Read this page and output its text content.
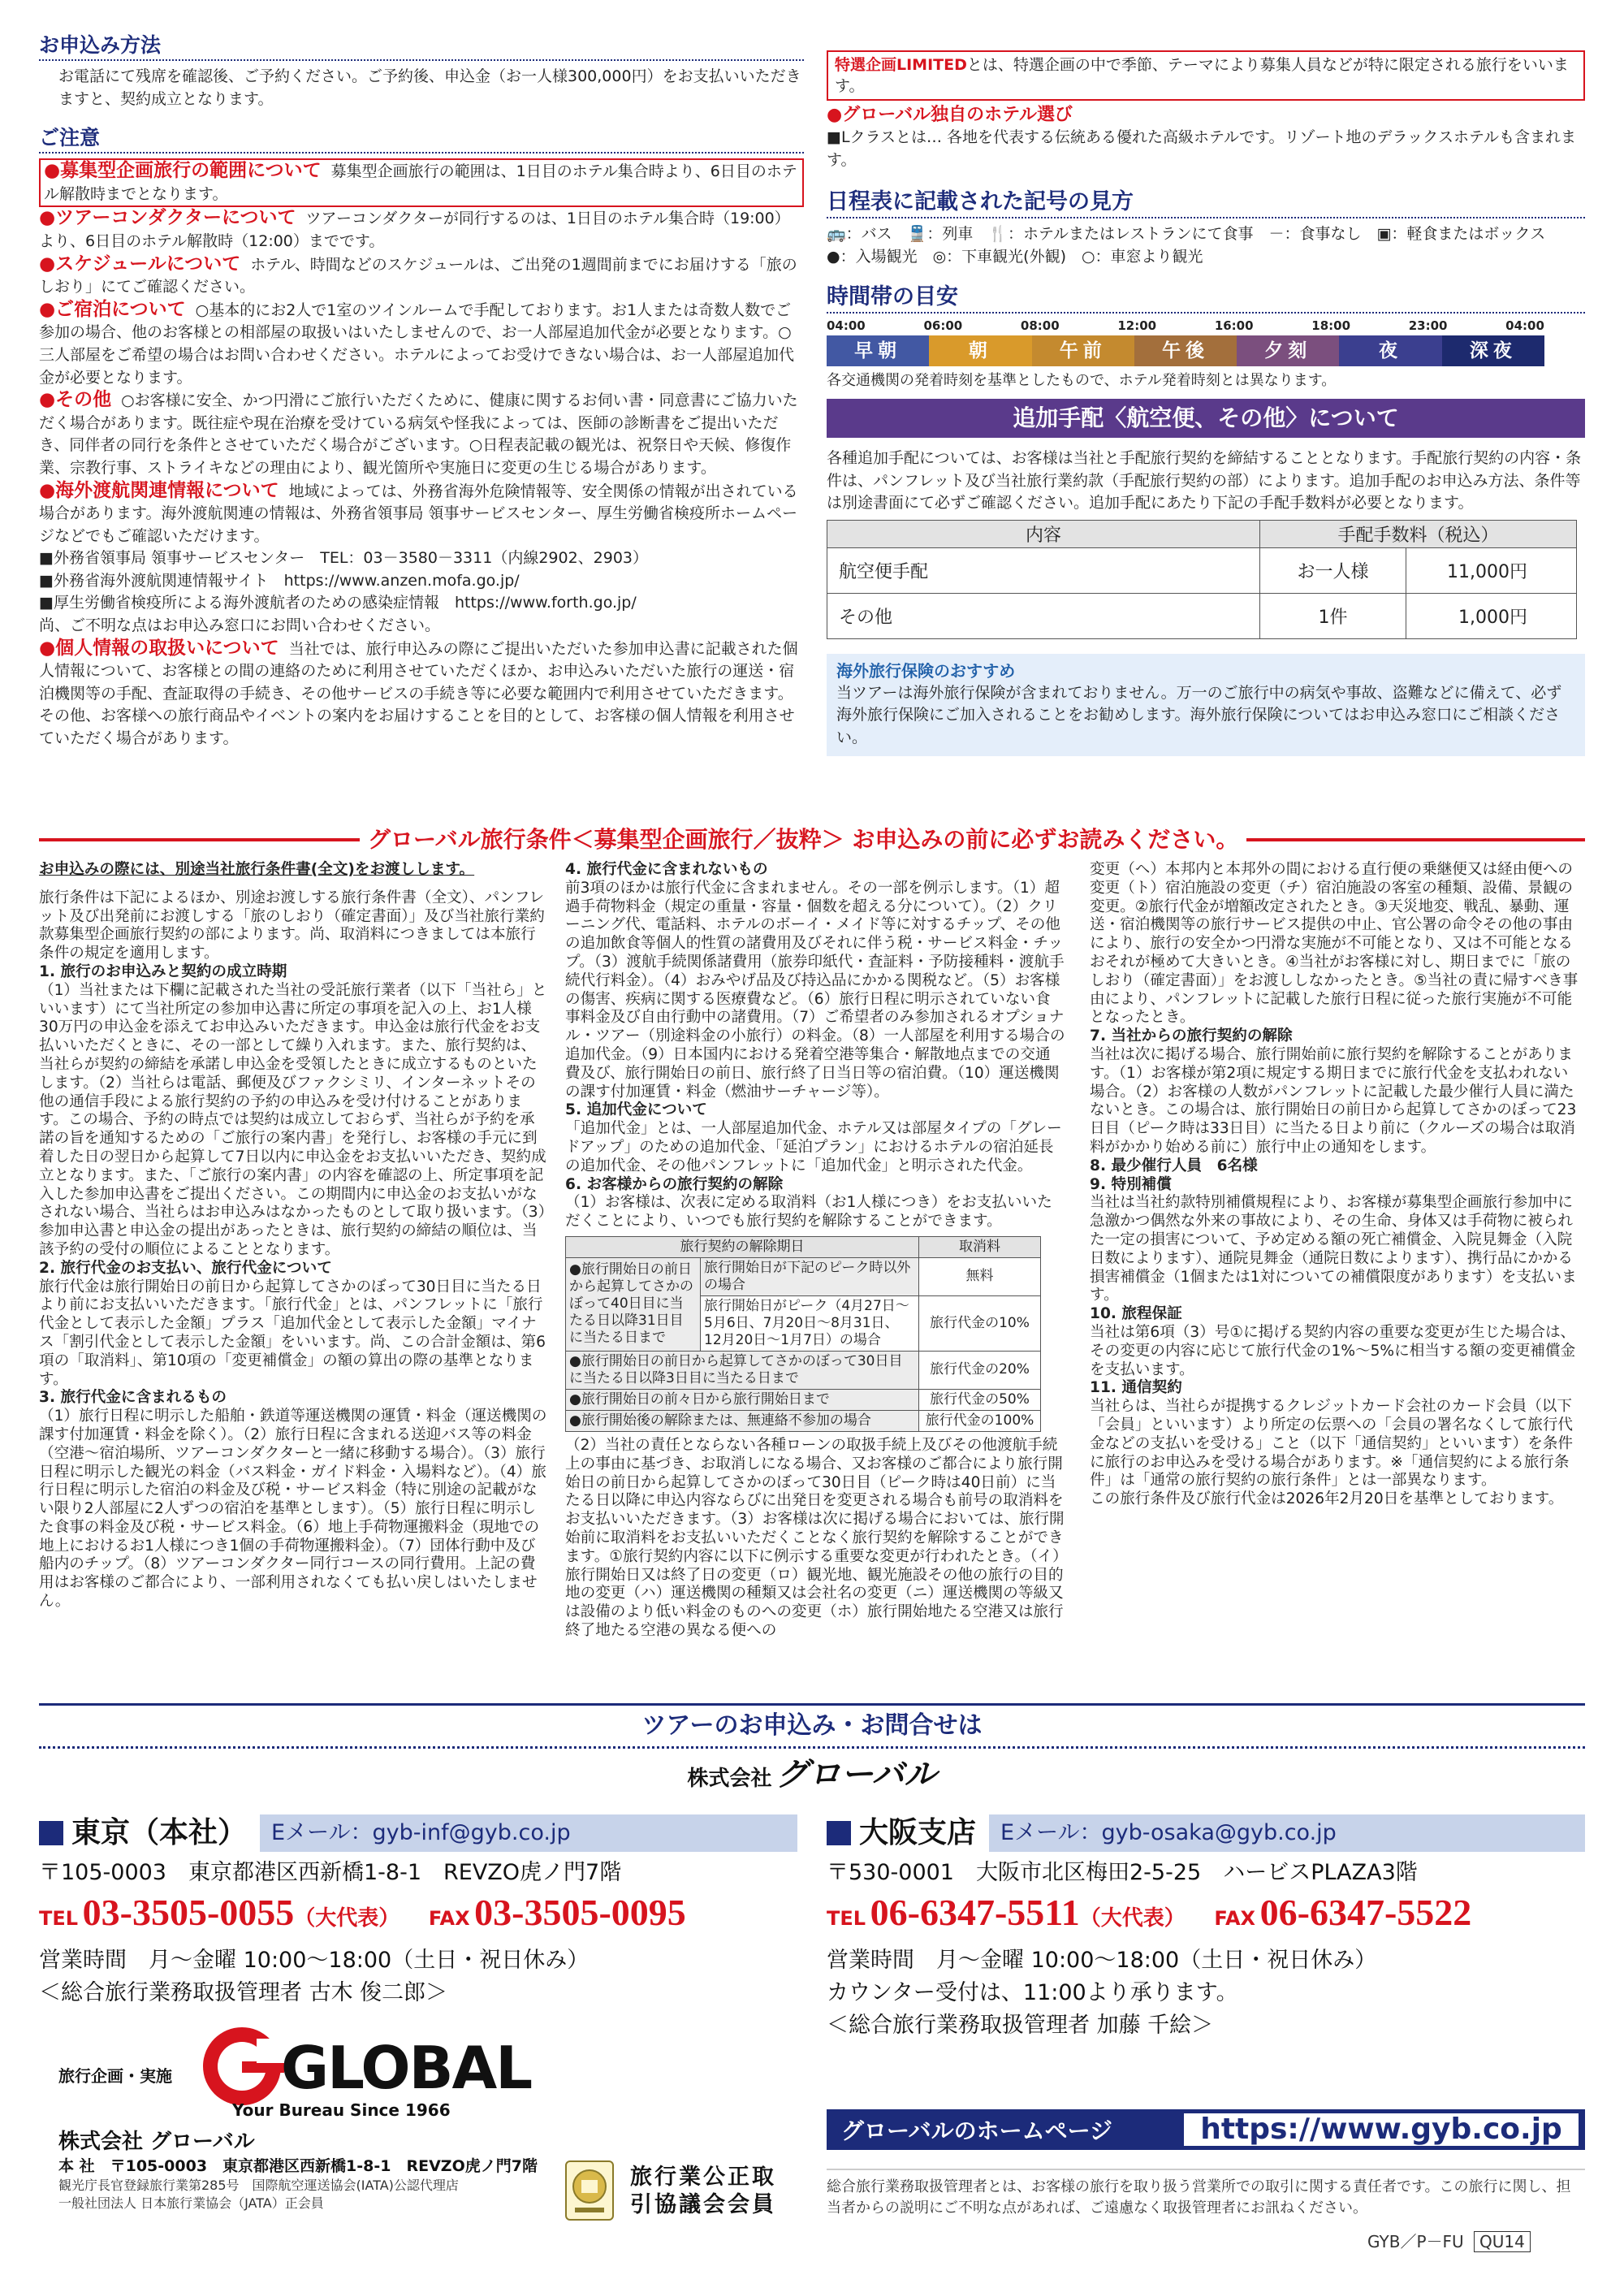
お申込み方法
お電話にて残席を確認後、ご予約ください。ご予約後、申込金（お一人様300,000円）をお支払いいただきますと、契約成立となります。
ご注意
●募集型企画旅行の範囲について 募集型企画旅行の範囲は、1日目のホテル集合時より、6日目のホテル解散時までとなります。
●ツアーコンダクターについて ツアーコンダクターが同行するのは、1日目のホテル集合時（19:00）より、6日目のホテル解散時（12:00）までです。
●スケジュールについて ホテル、時間などのスケジュールは、ご出発の1週間前までにお届けする「旅のしおり」にてご確認ください。
●ご宿泊について ○基本的にお2人で1室のツインルームで手配しております。お1人または奇数人数でご参加の場合、他のお客様との相部屋の取扱いはいたしませんので、お一人部屋追加代金が必要となります。○三人部屋をご希望の場合はお問い合わせください。ホテルによってお受けできない場合は、お一人部屋追加代金が必要となります。
●その他 ○お客様に安全、かつ円滑にご旅行いただくために、健康に関するお伺い書・同意書にご協力いただく場合があります。既往症や現在治療を受けている病気や怪我によっては、医師の診断書をご提出いただき、同伴者の同行を条件とさせていただく場合がございます。○日程表記載の観光は、祝祭日や天候、修復作業、宗教行事、ストライキなどの理由により、観光箇所や実施日に変更の生じる場合があります。
●海外渡航関連情報について 地域によっては、外務省海外危険情報等、安全関係の情報が出されている場合があります。海外渡航関連の情報は、外務省領事局 領事サービスセンター、厚生労働省検疫所ホームページなどでもご確認いただけます。
■外務省領事局 領事サービスセンター　TEL：03－3580－3311（内線2902、2903）
■外務省海外渡航関連情報サイト　https://www.anzen.mofa.go.jp/
■厚生労働省検疫所による海外渡航者のための感染症情報　https://www.forth.go.jp/
尚、ご不明な点はお申込み窓口にお問い合わせください。
●個人情報の取扱いについて 当社では、旅行申込みの際にご提出いただいた参加申込書に記載された個人情報について、お客様との間の連絡のために利用させていただくほか、お申込みいただいた旅行の運送・宿泊機関等の手配、査証取得の手続き、その他サービスの手続き等に必要な範囲内で利用させていただきます。その他、お客様への旅行商品やイベントの案内をお届けすることを目的として、お客様の個人情報を利用させていただく場合があります。
特選企画LIMITEDとは、特選企画の中で季節、テーマにより募集人員などが特に限定される旅行をいいます。
●グローバル独自のホテル選び
■Lクラスとは… 各地を代表する伝統ある優れた高級ホテルです。リゾート地のデラックスホテルも含まれます。
日程表に記載された記号の見方
🚌：バス　🚆：列車　🍴：ホテルまたはレストランにて食事　－：食事なし　▣：軽食またはボックス
●：入場観光　◎：下車観光(外観)　○：車窓より観光
時間帯の目安
04:00	06:00	08:00	12:00	16:00	18:00	23:00	04:00
早朝	朝	午前	午後	夕刻	夜	深夜
各交通機関の発着時刻を基準としたもので、ホテル発着時刻とは異なります。
追加手配〈航空便、その他〉について
各種追加手配については、お客様は当社と手配旅行契約を締結することとなります。手配旅行契約の内容・条件は、パンフレット及び当社旅行業約款（手配旅行契約の部）によります。追加手配のお申込み方法、条件等は別途書面にて必ずご確認ください。追加手配にあたり下記の手配手数料が必要となります。
内容	手配手数料（税込）	
航空便手配	お一人様	11,000円
その他	1件	1,000円
海外旅行保険のおすすめ
当ツアーは海外旅行保険が含まれておりません。万一のご旅行中の病気や事故、盗難などに備えて、必ず海外旅行保険にご加入されることをお勧めします。海外旅行保険についてはお申込み窓口にご相談ください。
グローバル旅行条件＜募集型企画旅行／抜粋＞ お申込みの前に必ずお読みください。
お申込みの際には、別途当社旅行条件書(全文)をお渡しします。
旅行条件は下記によるほか、別途お渡しする旅行条件書（全文）、パンフレット及び出発前にお渡しする「旅のしおり（確定書面）」及び当社旅行業約款募集型企画旅行契約の部によります。尚、取消料につきましては本旅行条件の規定を適用します。
1. 旅行のお申込みと契約の成立時期
（1）当社または下欄に記載された当社の受託旅行業者（以下「当社ら」といいます）にて当社所定の参加申込書に所定の事項を記入の上、お1人様30万円の申込金を添えてお申込みいただきます。申込金は旅行代金をお支払いいただくときに、その一部として繰り入れます。また、旅行契約は、当社らが契約の締結を承諾し申込金を受領したときに成立するものといたします。（2）当社らは電話、郵便及びファクシミリ、インターネットその他の通信手段による旅行契約の予約の申込みを受け付けることがあります。この場合、予約の時点では契約は成立しておらず、当社らが予約を承諾の旨を通知するための「ご旅行の案内書」を発行し、お客様の手元に到着した日の翌日から起算して7日以内に申込金をお支払いいただき、契約成立となります。また、「ご旅行の案内書」の内容を確認の上、所定事項を記入した参加申込書をご提出ください。この期間内に申込金のお支払いがなされない場合、当社らはお申込みはなかったものとして取り扱います。（3）参加申込書と申込金の提出があったときは、旅行契約の締結の順位は、当該予約の受付の順位によることとなります。
2. 旅行代金のお支払い、旅行代金について
旅行代金は旅行開始日の前日から起算してさかのぼって30日目に当たる日より前にお支払いいただきます。「旅行代金」とは、パンフレットに「旅行代金として表示した金額」プラス「追加代金として表示した金額」マイナス「割引代金として表示した金額」をいいます。尚、この合計金額は、第6項の「取消料」、第10項の「変更補償金」の額の算出の際の基準となります。
3. 旅行代金に含まれるもの
（1）旅行日程に明示した船舶・鉄道等運送機関の運賃・料金（運送機関の課す付加運賃・料金を除く）。（2）旅行日程に含まれる送迎バス等の料金（空港～宿泊場所、ツアーコンダクターと一緒に移動する場合）。（3）旅行日程に明示した観光の料金（バス料金・ガイド料金・入場料など）。（4）旅行日程に明示した宿泊の料金及び税・サービス料金（特に別途の記載がない限り2人部屋に2人ずつの宿泊を基準とします）。（5）旅行日程に明示した食事の料金及び税・サービス料金。（6）地上手荷物運搬料金（現地での地上におけるお1人様につき1個の手荷物運搬料金）。（7）団体行動中及び船内のチップ。（8）ツアーコンダクター同行コースの同行費用。上記の費用はお客様のご都合により、一部利用されなくても払い戻しはいたしません。
4. 旅行代金に含まれないもの
前3項のほかは旅行代金に含まれません。その一部を例示します。（1）超過手荷物料金（規定の重量・容量・個数を超える分について）。（2）クリーニング代、電話料、ホテルのボーイ・メイド等に対するチップ、その他の追加飲食等個人的性質の諸費用及びそれに伴う税・サービス料金・チップ。（3）渡航手続関係諸費用（旅券印紙代・査証料・予防接種料・渡航手続代行料金）。（4）おみやげ品及び持込品にかかる関税など。（5）お客様の傷害、疾病に関する医療費など。（6）旅行日程に明示されていない食事料金及び自由行動中の諸費用。（7）ご希望者のみ参加されるオプショナル・ツアー（別途料金の小旅行）の料金。（8）一人部屋を利用する場合の追加代金。（9）日本国内における発着空港等集合・解散地点までの交通費及び、旅行開始日の前日、旅行終了日当日等の宿泊費。（10）運送機関の課す付加運賃・料金（燃油サーチャージ等）。
5. 追加代金について
「追加代金」とは、一人部屋追加代金、ホテル又は部屋タイプの「グレードアップ」のための追加代金、「延泊プラン」におけるホテルの宿泊延長の追加代金、その他パンフレットに「追加代金」と明示された代金。
6. お客様からの旅行契約の解除
（1）お客様は、次表に定める取消料（お1人様につき）をお支払いいただくことにより、いつでも旅行契約を解除することができます。
旅行契約の解除期日		取消料
●旅行開始日の前日から起算してさかのぼって40日目に当たる日以降31日目に当たる日まで	旅行開始日が下記のピーク時以外の場合	無料
	旅行開始日がピーク（4月27日～5月6日、7月20日～8月31日、12月20日～1月7日）の場合	旅行代金の10%
●旅行開始日の前日から起算してさかのぼって30日目に当たる日以降3日目に当たる日まで		旅行代金の20%
●旅行開始日の前々日から旅行開始日まで		旅行代金の50%
●旅行開始後の解除または、無連絡不参加の場合		旅行代金の100%
（2）当社の責任とならない各種ローンの取扱手続上及びその他渡航手続上の事由に基づき、お取消しになる場合、又お客様のご都合により旅行開始日の前日から起算してさかのぼって30日目（ピーク時は40日前）に当たる日以降に申込内容ならびに出発日を変更される場合も前号の取消料をお支払いいただきます。（3）お客様は次に掲げる場合においては、旅行開始前に取消料をお支払いいただくことなく旅行契約を解除することができます。①旅行契約内容に以下に例示する重要な変更が行われたとき。（イ）旅行開始日又は終了日の変更（ロ）観光地、観光施設その他の旅行の目的地の変更（ハ）運送機関の種類又は会社名の変更（ニ）運送機関の等級又は設備のより低い料金のものへの変更（ホ）旅行開始地たる空港又は旅行終了地たる空港の異なる便への
変更（ヘ）本邦内と本邦外の間における直行便の乗継便又は経由便への変更（ト）宿泊施設の変更（チ）宿泊施設の客室の種類、設備、景観の変更。②旅行代金が増額改定されたとき。③天災地変、戦乱、暴動、運送・宿泊機関等の旅行サービス提供の中止、官公署の命令その他の事由により、旅行の安全かつ円滑な実施が不可能となり、又は不可能となるおそれが極めて大きいとき。④当社がお客様に対し、期日までに「旅のしおり（確定書面）」をお渡ししなかったとき。⑤当社の責に帰すべき事由により、パンフレットに記載した旅行日程に従った旅行実施が不可能となったとき。
7. 当社からの旅行契約の解除
当社は次に掲げる場合、旅行開始前に旅行契約を解除することがあります。（1）お客様が第2項に規定する期日までに旅行代金を支払われない場合。（2）お客様の人数がパンフレットに記載した最少催行人員に満たないとき。この場合は、旅行開始日の前日から起算してさかのぼって23日目（ピーク時は33日目）に当たる日より前に（クルーズの場合は取消料がかかり始める前に）旅行中止の通知をします。
8. 最少催行人員　6名様
9. 特別補償
当社は当社約款特別補償規程により、お客様が募集型企画旅行参加中に急激かつ偶然な外来の事故により、その生命、身体又は手荷物に被られた一定の損害について、予め定める額の死亡補償金、入院見舞金（入院日数によります）、通院見舞金（通院日数によります）、携行品にかかる損害補償金（1個または1対についての補償限度があります）を支払います。
10. 旅程保証
当社は第6項（3）号①に掲げる契約内容の重要な変更が生じた場合は、その変更の内容に応じて旅行代金の1%～5%に相当する額の変更補償金を支払います。
11. 通信契約
当社らは、当社らが提携するクレジットカード会社のカード会員（以下「会員」といいます）より所定の伝票への「会員の署名なくして旅行代金などの支払いを受ける」こと（以下「通信契約」といいます）を条件に旅行のお申込みを受ける場合があります。※「通信契約による旅行条件」は「通常の旅行契約の旅行条件」とは一部異なります。
この旅行条件及び旅行代金は2026年2月20日を基準としております。
ツアーのお申込み・お問合せは
株式会社 グローバル
東京（本社）	Eメール：gyb-inf@gyb.co.jp
〒105-0003　東京都港区西新橋1-8-1　REVZO虎ノ門7階
TEL 03-3505-0055（大代表） FAX 03-3505-0095
営業時間　月～金曜 10:00～18:00（土日・祝日休み）
＜総合旅行業務取扱管理者 古木 俊二郎＞
大阪支店	Eメール：gyb-osaka@gyb.co.jp
〒530-0001　大阪市北区梅田2-5-25　ハービスPLAZA3階
TEL 06-6347-5511（大代表） FAX 06-6347-5522
営業時間　月～金曜 10:00～18:00（土日・祝日休み）
カウンター受付は、11:00より承ります。
＜総合旅行業務取扱管理者 加藤 千絵＞
旅行企画・実施 GLOBAL
Your Bureau Since 1966
株式会社 グローバル
本 社　〒105-0003　東京都港区西新橋1-8-1　REVZO虎ノ門7階
観光庁長官登録旅行業第285号　国際航空運送協会(IATA)公認代理店
一般社団法人 日本旅行業協会（JATA）正会員
旅行業公正取引協議会会員
グローバルのホームページ	https://www.gyb.co.jp
総合旅行業務取扱管理者とは、お客様の旅行を取り扱う営業所での取引に関する責任者です。この旅行に関し、担当者からの説明にご不明な点があれば、ご遠慮なく取扱管理者にお訊ねください。
GYB／P－FU QU14
